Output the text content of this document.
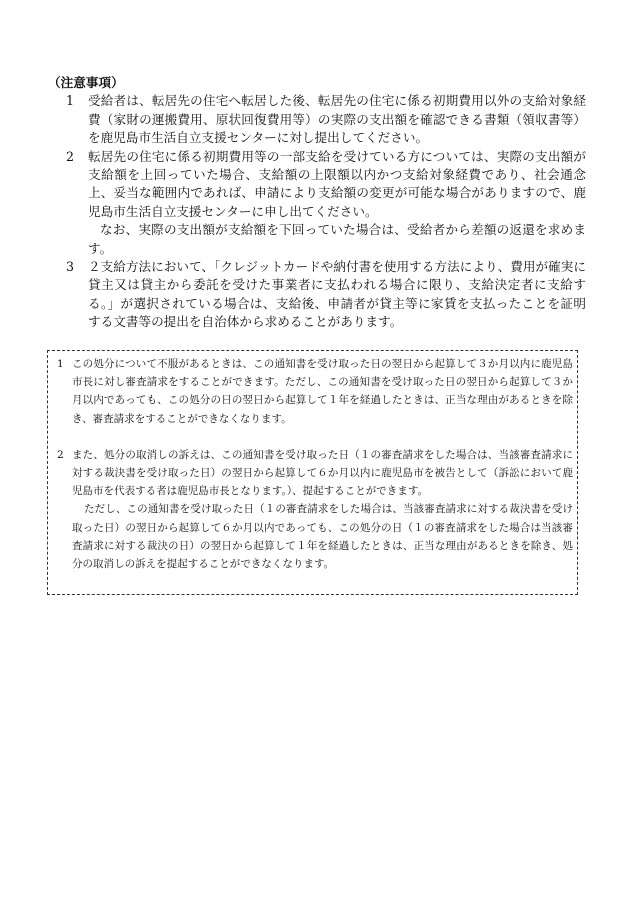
（注意事項）

1	受給者は、転居先の住宅へ転居した後、転居先の住宅に係る初期費用以外の支給対象経費（家財の運搬費用、原状回復費用等）の実際の支出額を確認できる書類（領収書等）を鹿児島市生活自立支援センターに対し提出してください。

2	転居先の住宅に係る初期費用等の一部支給を受けている方については、実際の支出額が支給額を上回っていた場合、支給額の上限額以内かつ支給対象経費であり、社会通念上、妥当な範囲内であれば、申請により支給額の変更が可能な場合がありますので、鹿児島市生活自立支援センターに申し出てください。

なお、実際の支出額が支給額を下回っていた場合は、受給者から差額の返還を求めます。

3	２支給方法において、「クレジットカードや納付書を使用する方法により、費用が確実に貸主又は貸主から委託を受けた事業者に支払われる場合に限り、支給決定者に支給する。」が選択されている場合は、支給後、申請者が貸主等に家賃を支払ったことを証明する文書等の提出を自治体から求めることがあります。

1 この処分について不服があるときは、この通知書を受け取った日の翌日から起算して３か月以内に鹿児島市長に対し審査請求をすることができます。ただし、この通知書を受け取った日の翌日から起算して３か月以内であっても、この処分の日の翌日から起算して１年を経過したときは、正当な理由があるときを除き、審査請求をすることができなくなります。

2 また、処分の取消しの訴えは、この通知書を受け取った日（１の審査請求をした場合は、当該審査請求に対する裁決書を受け取った日）の翌日から起算して６か月以内に鹿児島市を被告として（訴訟において鹿児島市を代表する者は鹿児島市長となります。）、提起することができます。

ただし、この通知書を受け取った日（１の審査請求をした場合は、当該審査請求に対する裁決書を受け取った日）の翌日から起算して６か月以内であっても、この処分の日（１の審査請求をした場合は当該審査請求に対する裁決の日）の翌日から起算して１年を経過したときは、正当な理由があるときを除き、処分の取消しの訴えを提起することができなくなります。
